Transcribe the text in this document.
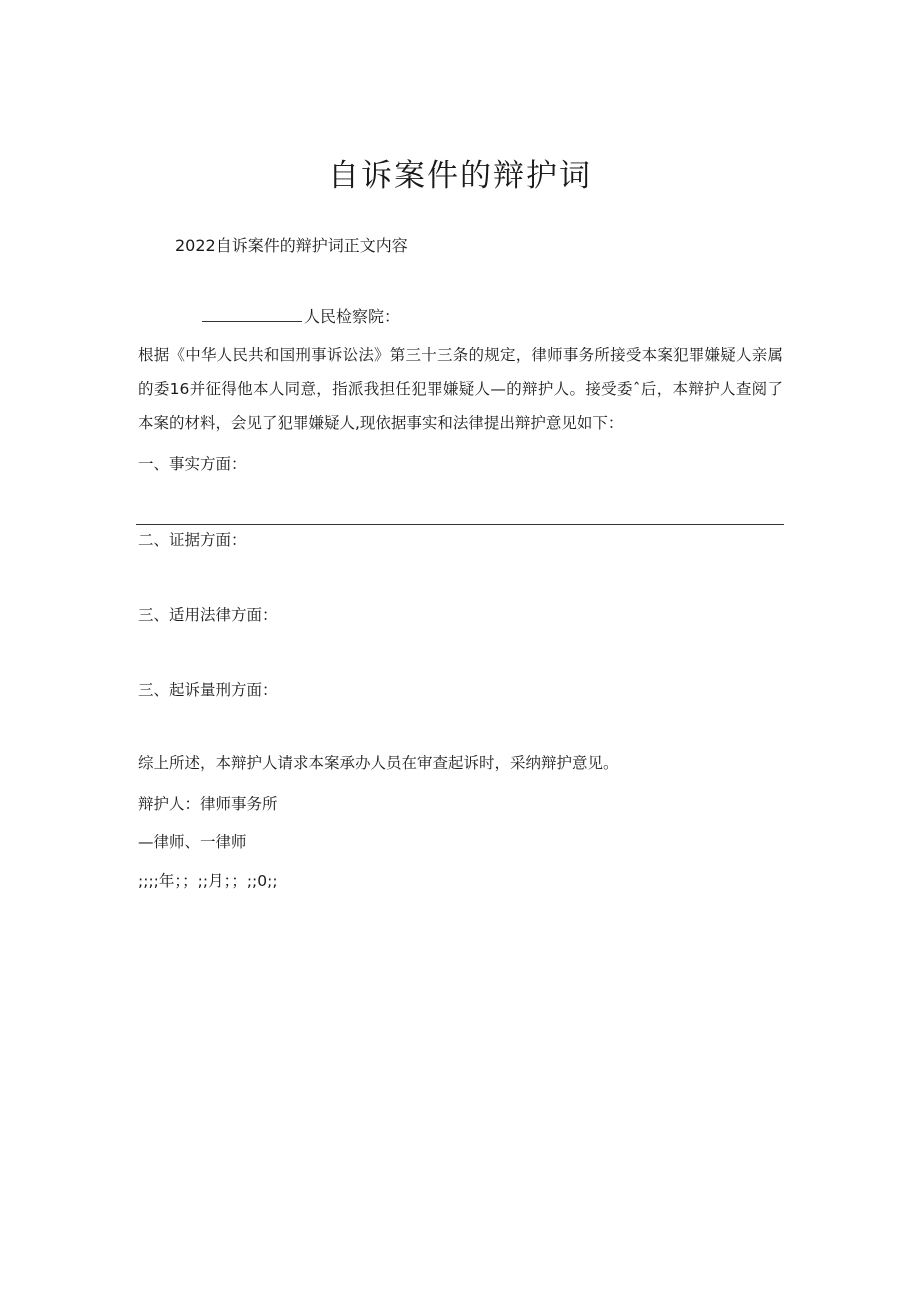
自诉案件的辩护词
2022自诉案件的辩护词正文内容
人民检察院：
根据《中华人民共和国刑事诉讼法》第三十三条的规定，律师事务所接受本案犯罪嫌疑人亲属的委16并征得他本人同意，指派我担任犯罪嫌疑人—的辩护人。接受委ˆ后，本辩护人查阅了本案的材料，会见了犯罪嫌疑人,现依据事实和法律提出辩护意见如下：
一、事实方面：
二、证据方面：
三、适用法律方面：
三、起诉量刑方面：
综上所述，本辩护人请求本案承办人员在审查起诉时，采纳辩护意见。
辩护人：律师事务所
—律师、一律师
;;;;年；；;;月；；;;0;;
